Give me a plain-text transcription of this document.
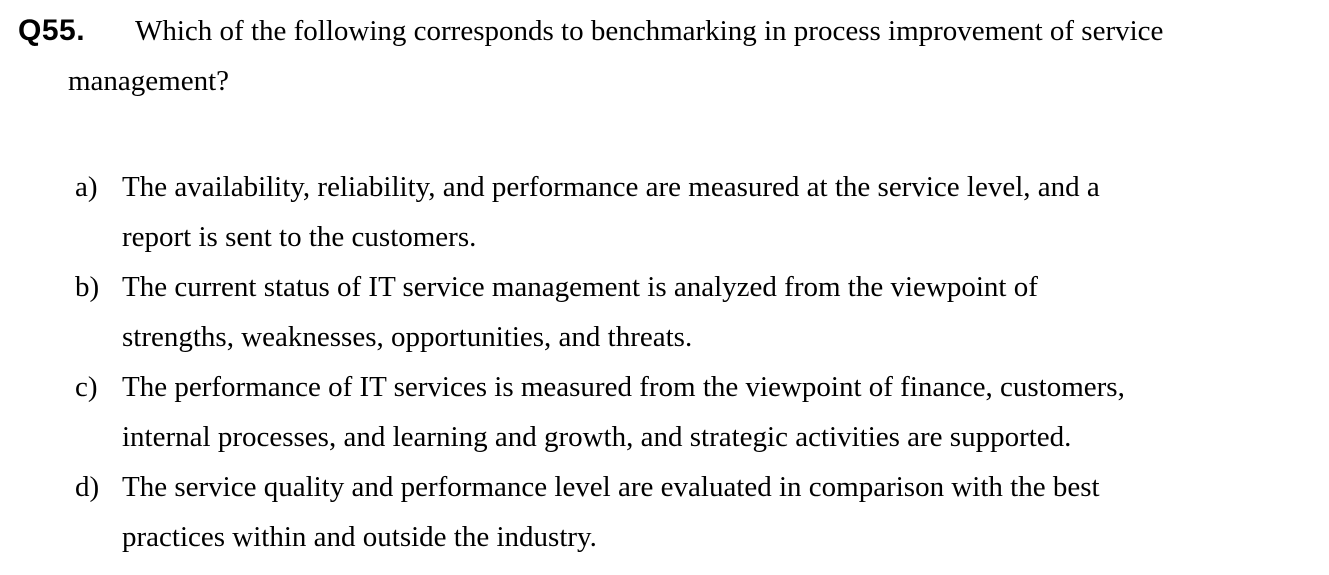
Q55. Which of the following corresponds to benchmarking in process improvement of service
management?
a) The availability, reliability, and performance are measured at the service level, and a
report is sent to the customers.
b) The current status of IT service management is analyzed from the viewpoint of
strengths, weaknesses, opportunities, and threats.
c) The performance of IT services is measured from the viewpoint of finance, customers,
internal processes, and learning and growth, and strategic activities are supported.
d) The service quality and performance level are evaluated in comparison with the best
practices within and outside the industry.
